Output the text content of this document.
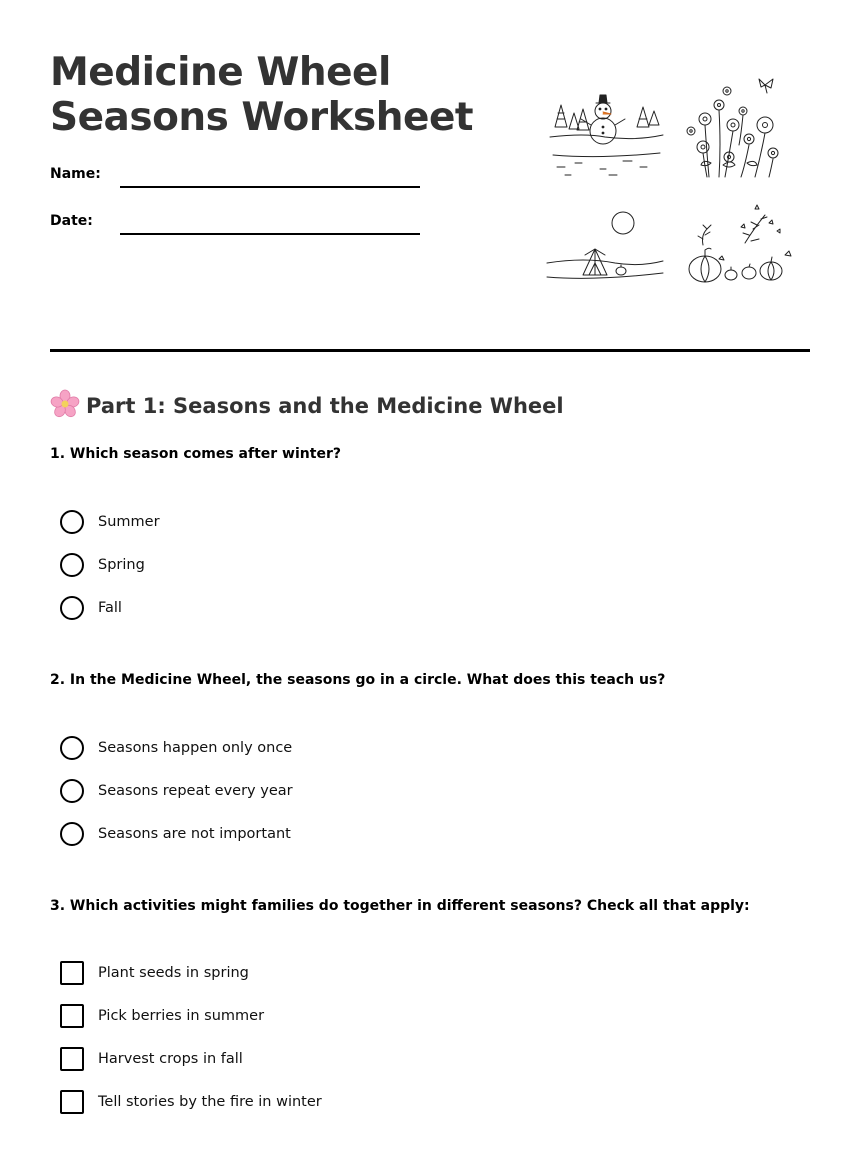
Medicine Wheel
Seasons Worksheet
Name:
Date:
Part 1: Seasons and the Medicine Wheel

1. Which season comes after winter?

Summer
Spring
Fall

2. In the Medicine Wheel, the seasons go in a circle. What does this teach us?

Seasons happen only once
Seasons repeat every year
Seasons are not important

3. Which activities might families do together in different seasons? Check all that apply:

Plant seeds in spring
Pick berries in summer
Harvest crops in fall
Tell stories by the fire in winter
